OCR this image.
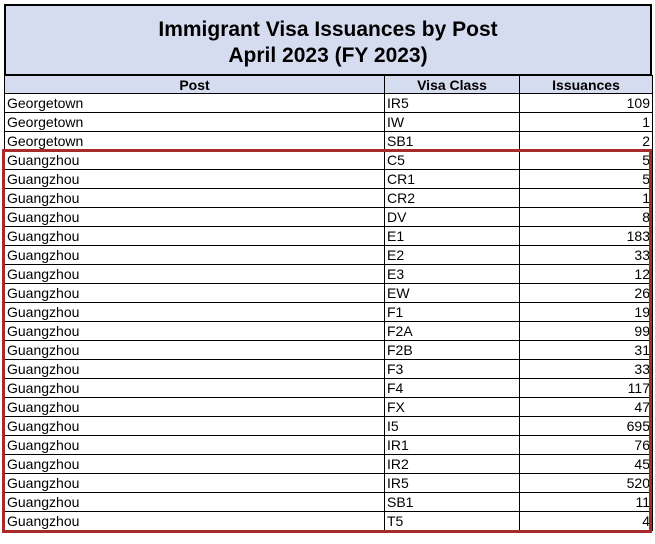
Immigrant Visa Issuances by Post
April 2023 (FY 2023)
Post	Visa Class	Issuances
Georgetown	IR5	109
Georgetown	IW	1
Georgetown	SB1	2
Guangzhou	C5	5
Guangzhou	CR1	5
Guangzhou	CR2	1
Guangzhou	DV	8
Guangzhou	E1	183
Guangzhou	E2	33
Guangzhou	E3	12
Guangzhou	EW	26
Guangzhou	F1	19
Guangzhou	F2A	99
Guangzhou	F2B	31
Guangzhou	F3	33
Guangzhou	F4	117
Guangzhou	FX	47
Guangzhou	I5	695
Guangzhou	IR1	76
Guangzhou	IR2	45
Guangzhou	IR5	520
Guangzhou	SB1	11
Guangzhou	T5	4
